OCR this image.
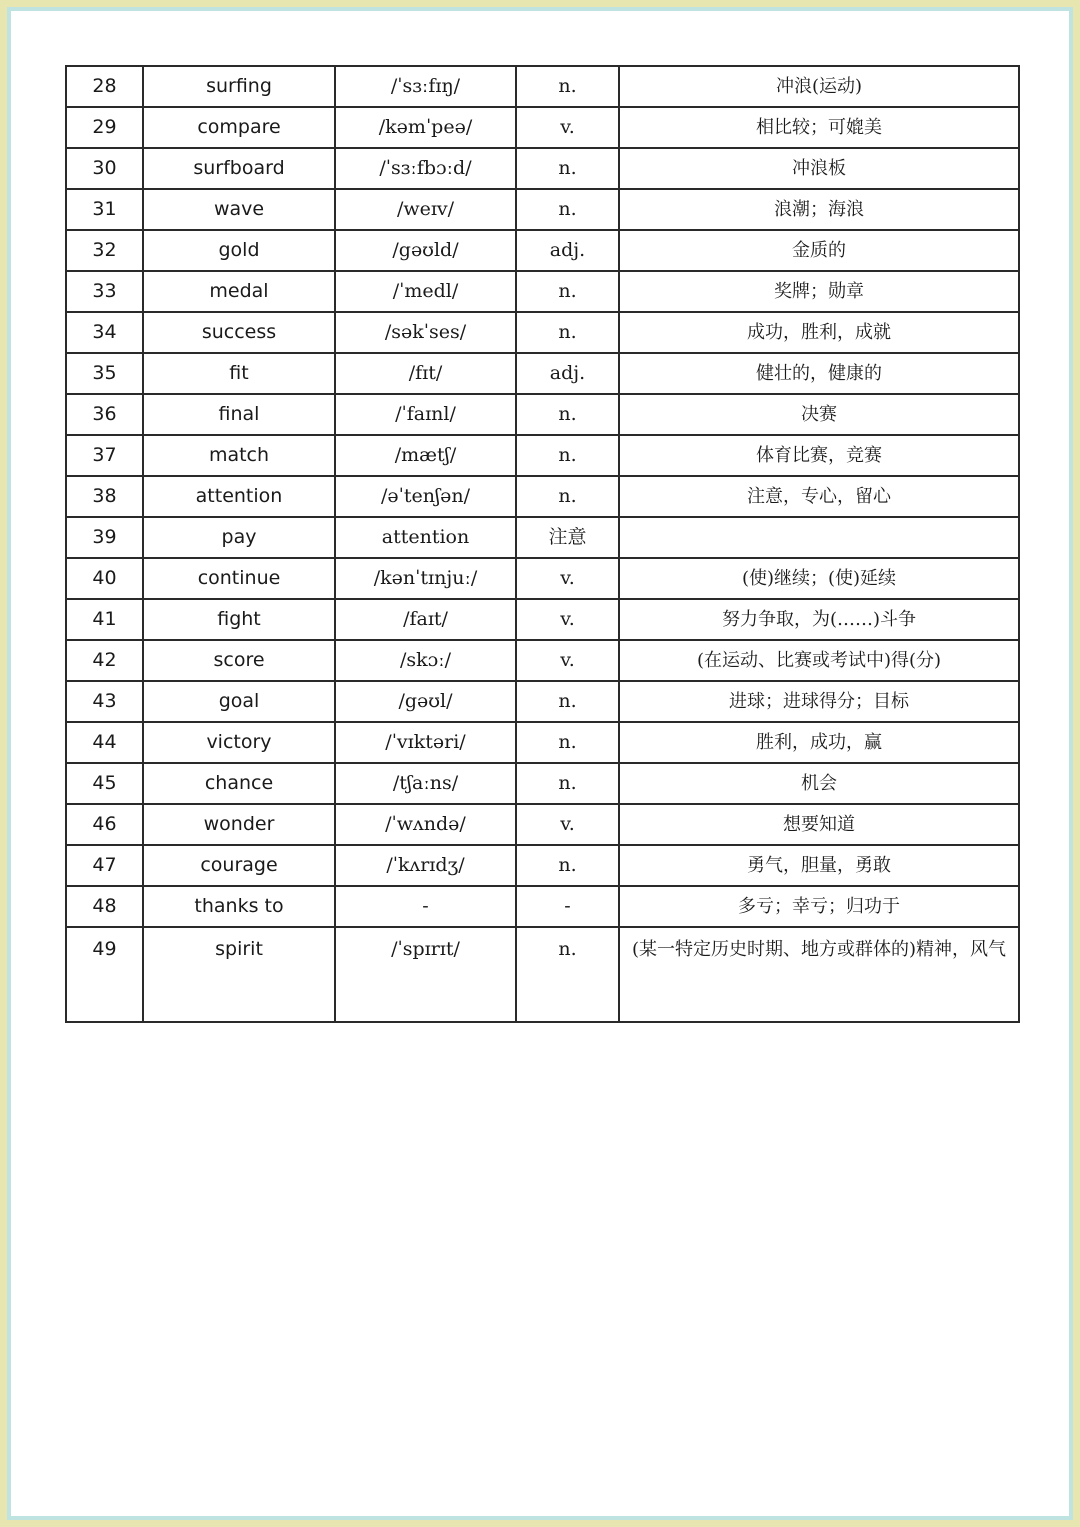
28	surfing	/ˈsɜːfɪŋ/	n.	冲浪(运动)
29	compare	/kəmˈpeə/	v.	相比较；可媲美
30	surfboard	/ˈsɜːfbɔːd/	n.	冲浪板
31	wave	/weɪv/	n.	浪潮；海浪
32	gold	/gəʊld/	adj.	金质的
33	medal	/ˈmedl/	n.	奖牌；勋章
34	success	/səkˈses/	n.	成功，胜利，成就
35	fit	/fɪt/	adj.	健壮的，健康的
36	final	/ˈfaɪnl/	n.	决赛
37	match	/mætʃ/	n.	体育比赛，竞赛
38	attention	/əˈtenʃən/	n.	注意，专心，留心
39	pay	attention	注意	
40	continue	/kənˈtɪnjuː/	v.	(使)继续；(使)延续
41	fight	/faɪt/	v.	努力争取，为(……)斗争
42	score	/skɔː/	v.	(在运动、比赛或考试中)得(分)
43	goal	/gəʊl/	n.	进球；进球得分；目标
44	victory	/ˈvɪktəri/	n.	胜利，成功，赢
45	chance	/tʃaːns/	n.	机会
46	wonder	/ˈwʌndə/	v.	想要知道
47	courage	/ˈkʌrɪdʒ/	n.	勇气，胆量，勇敢
48	thanks to	-	-	多亏；幸亏；归功于
49	spirit	/ˈspɪrɪt/	n.	(某一特定历史时期、地方或群体的)精神，风气
